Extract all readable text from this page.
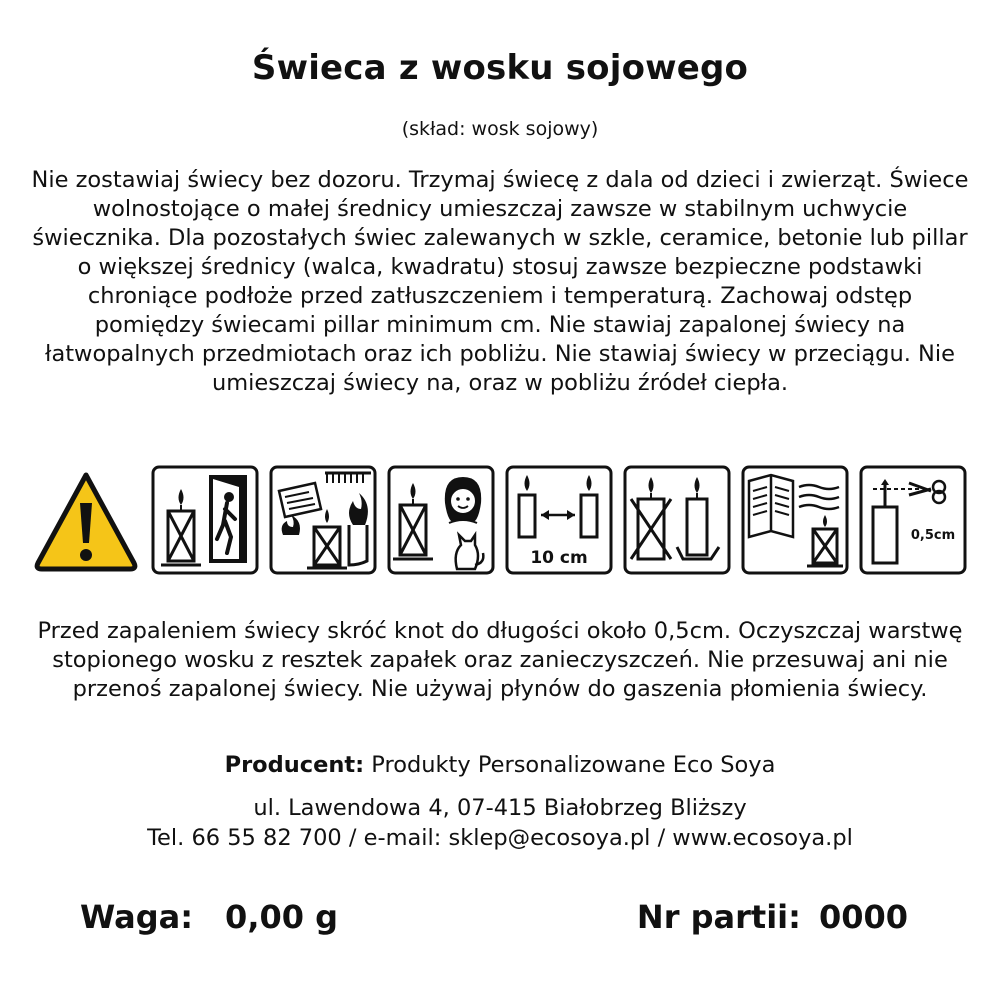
Świeca z wosku sojowego
(skład: wosk sojowy)

Nie zostawiaj świecy bez dozoru. Trzymaj świecę z dala od dzieci i zwierząt. Świece wolnostojące o małej średnicy umieszczaj zawsze w stabilnym uchwycie świecznika. Dla pozostałych świec zalewanych w szkle, ceramice, betonie lub pillar o większej średnicy (walca, kwadratu) stosuj zawsze bezpieczne podstawki chroniące podłoże przed zatłuszczeniem i temperaturą. Zachowaj odstęp pomiędzy świecami pillar minimum cm. Nie stawiaj zapalonej świecy na łatwopalnych przedmiotach oraz ich pobliżu. Nie stawiaj świecy w przeciągu. Nie umieszczaj świecy na, oraz w pobliżu źródeł ciepła.

10 cm
0,5cm

Przed zapaleniem świecy skróć knot do długości około 0,5cm. Oczyszczaj warstwę stopionego wosku z resztek zapałek oraz zanieczyszczeń. Nie przesuwaj ani nie przenoś zapalonej świecy. Nie używaj płynów do gaszenia płomienia świecy.

Producent: Produkty Personalizowane Eco Soya
ul. Lawendowa 4, 07-415 Białobrzeg Bliższy
Tel. 66 55 82 700 / e-mail: sklep@ecosoya.pl / www.ecosoya.pl
Waga: 0,00 g	Nr partii: 0000
